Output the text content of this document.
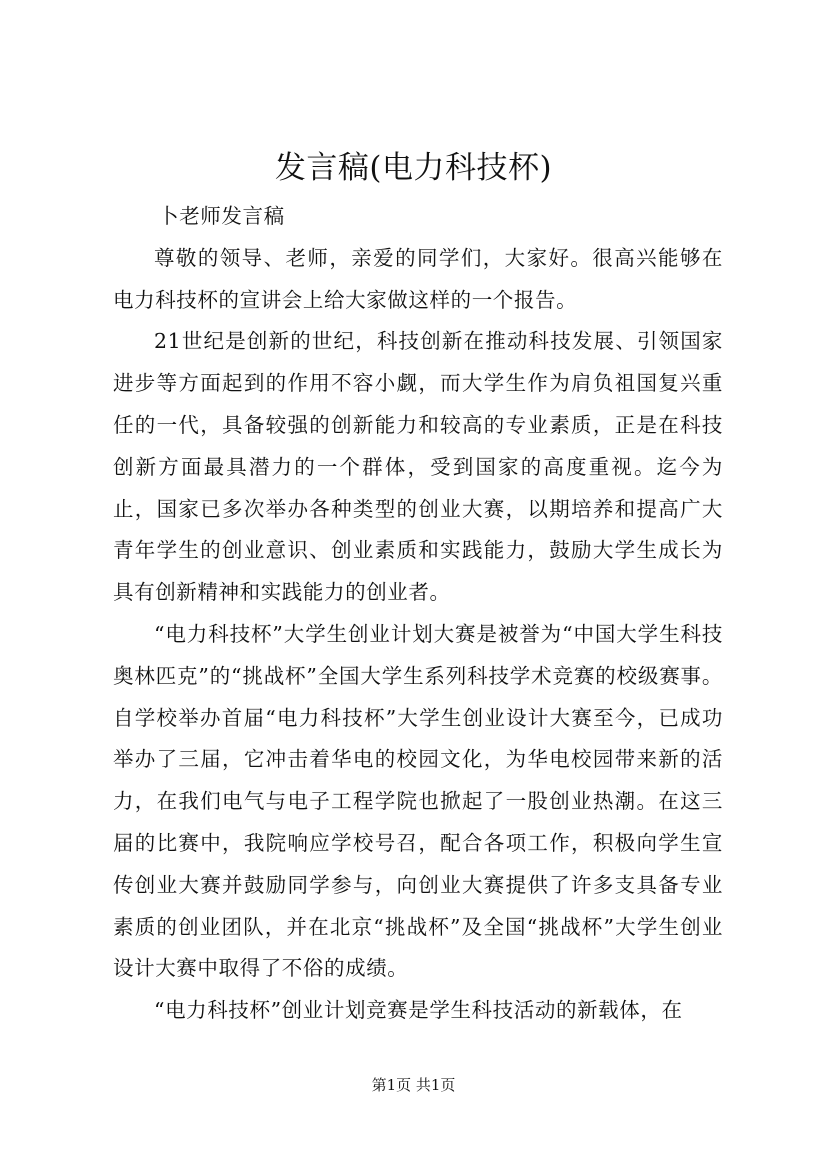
发言稿(电力科技杯)

卜老师发言稿

尊敬的领导、老师，亲爱的同学们，大家好。很高兴能够在电力科技杯的宣讲会上给大家做这样的一个报告。

21世纪是创新的世纪，科技创新在推动科技发展、引领国家进步等方面起到的作用不容小觑，而大学生作为肩负祖国复兴重任的一代，具备较强的创新能力和较高的专业素质，正是在科技创新方面最具潜力的一个群体，受到国家的高度重视。迄今为止，国家已多次举办各种类型的创业大赛，以期培养和提高广大青年学生的创业意识、创业素质和实践能力，鼓励大学生成长为具有创新精神和实践能力的创业者。

“电力科技杯”大学生创业计划大赛是被誉为“中国大学生科技奥林匹克”的“挑战杯”全国大学生系列科技学术竞赛的校级赛事。自学校举办首届“电力科技杯”大学生创业设计大赛至今，已成功举办了三届，它冲击着华电的校园文化，为华电校园带来新的活力，在我们电气与电子工程学院也掀起了一股创业热潮。在这三届的比赛中，我院响应学校号召，配合各项工作，积极向学生宣传创业大赛并鼓励同学参与，向创业大赛提供了许多支具备专业素质的创业团队，并在北京“挑战杯”及全国“挑战杯”大学生创业设计大赛中取得了不俗的成绩。

“电力科技杯”创业计划竞赛是学生科技活动的新载体，在

第1页 共1页
